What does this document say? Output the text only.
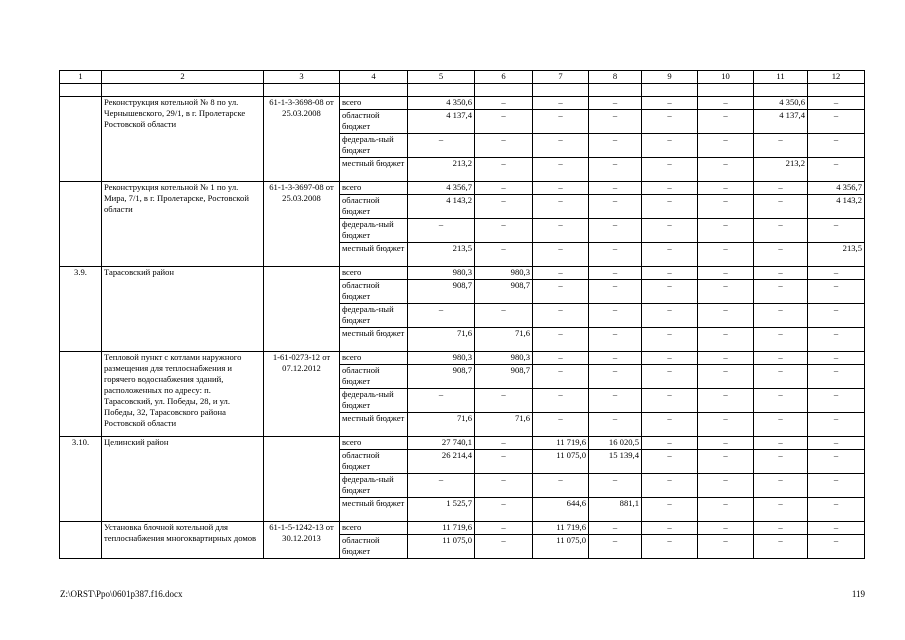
1	2	3	4	5	6	7	8	9	10	11	12

	Реконструкция котельной № 8 по ул. Чернышевского, 29/1, в г. Пролетарске Ростовской области	61-1-3-3698-08 от 25.03.2008	всего	4 350,6	–	–	–	–	–	4 350,6	–
			областной бюджет	4 137,4	–	–	–	–	–	4 137,4	–
			федераль-ный бюджет	–	–	–	–	–	–	–	–
			местный бюджет	213,2	–	–	–	–	–	213,2	–
	Реконструкция котельной № 1 по ул. Мира, 7/1, в г. Пролетарске, Ростовской области	61-1-3-3697-08 от 25.03.2008	всего	4 356,7	–	–	–	–	–	–	4 356,7
			областной бюджет	4 143,2	–	–	–	–	–	–	4 143,2
			федераль-ный бюджет	–	–	–	–	–	–	–	–
			местный бюджет	213,5	–	–	–	–	–	–	213,5
3.9.	Тарасовский район		всего	980,3	980,3	–	–	–	–	–	–
			областной бюджет	908,7	908,7	–	–	–	–	–	–
			федераль-ный бюджет	–	–	–	–	–	–	–	–
			местный бюджет	71,6	71,6	–	–	–	–	–	–
	Тепловой пункт с котлами наружного размещения для теплоснабжения и горячего водоснабжения зданий, расположенных по адресу: п. Тарасовский, ул. Победы, 28, и ул. Победы, 32, Тарасовского района Ростовской области	1-61-0273-12 от 07.12.2012	всего	980,3	980,3	–	–	–	–	–	–
			областной бюджет	908,7	908,7	–	–	–	–	–	–
			федераль-ный бюджет	–	–	–	–	–	–	–	–
			местный бюджет	71,6	71,6	–	–	–	–	–	–
3.10.	Целинский район		всего	27 740,1	–	11 719,6	16 020,5	–	–	–	–
			областной бюджет	26 214,4	–	11 075,0	15 139,4	–	–	–	–
			федераль-ный бюджет	–	–	–	–	–	–	–	–
			местный бюджет	1 525,7	–	644,6	881,1	–	–	–	–
	Установка блочной котельной для теплоснабжения многоквартирных домов	61-1-5-1242-13 от 30.12.2013	всего	11 719,6	–	11 719,6	–	–	–	–	–
			областной бюджет	11 075,0	–	11 075,0	–	–	–	–	–
Z:\ORST\Ppo\0601p387.f16.docx	119
